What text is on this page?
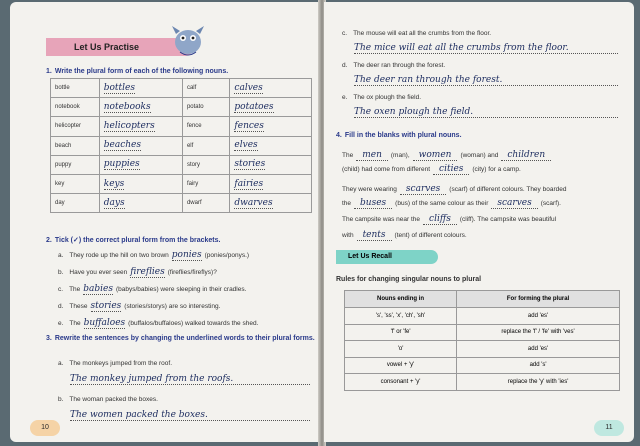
Let Us Practise
1. Write the plural form of each of the following nouns.
bottle	bottles	calf	calves
notebook	notebooks	potato	potatoes
helicopter	helicopters	fence	fences
beach	beaches	elf	elves
puppy	puppies	story	stories
key	keys	fairy	fairies
day	days	dwarf	dwarves
2. Tick (✓) the correct plural form from the brackets.
a. They rode up the hill on two brown ponies (ponies/ponys.)
b. Have you ever seen fireflies (fireflies/fireflys)?
c. The babies (babys/babies) were sleeping in their cradles.
d. These stories (stories/storys) are so interesting.
e. The buffaloes (buffalos/buffaloes) walked towards the shed.
3. Rewrite the sentences by changing the underlined words to their plural forms.
a. The monkeys jumped from the roof.
The monkey jumped from the roofs.
b. The woman packed the boxes.
The women packed the boxes.
10
c. The mouse will eat all the crumbs from the floor.
The mice will eat all the crumbs from the floor.
d. The deer ran through the forest.
The deer ran through the forest.
e. The ox plough the field.
The oxen plough the field.
4. Fill in the blanks with plural nouns.
The men (man), women (woman) and children
(child) had come from different cities (city) for a camp.
They were wearing scarves (scarf) of different colours. They boarded
the buses (bus) of the same colour as their scarves (scarf).
The campsite was near the cliffs (cliff). The campsite was beautiful
with tents (tent) of different colours.
11
Let Us Recall
Rules for changing singular nouns to plural
Nouns ending in	For forming the plural
's', 'ss', 'x', 'ch', 'sh'	add 'es'
'f' or 'fe'	replace the 'f' / 'fe' with 'ves'
'o'	add 'es'
vowel + 'y'	add 's'
consonant + 'y'	replace the 'y' with 'ies'
